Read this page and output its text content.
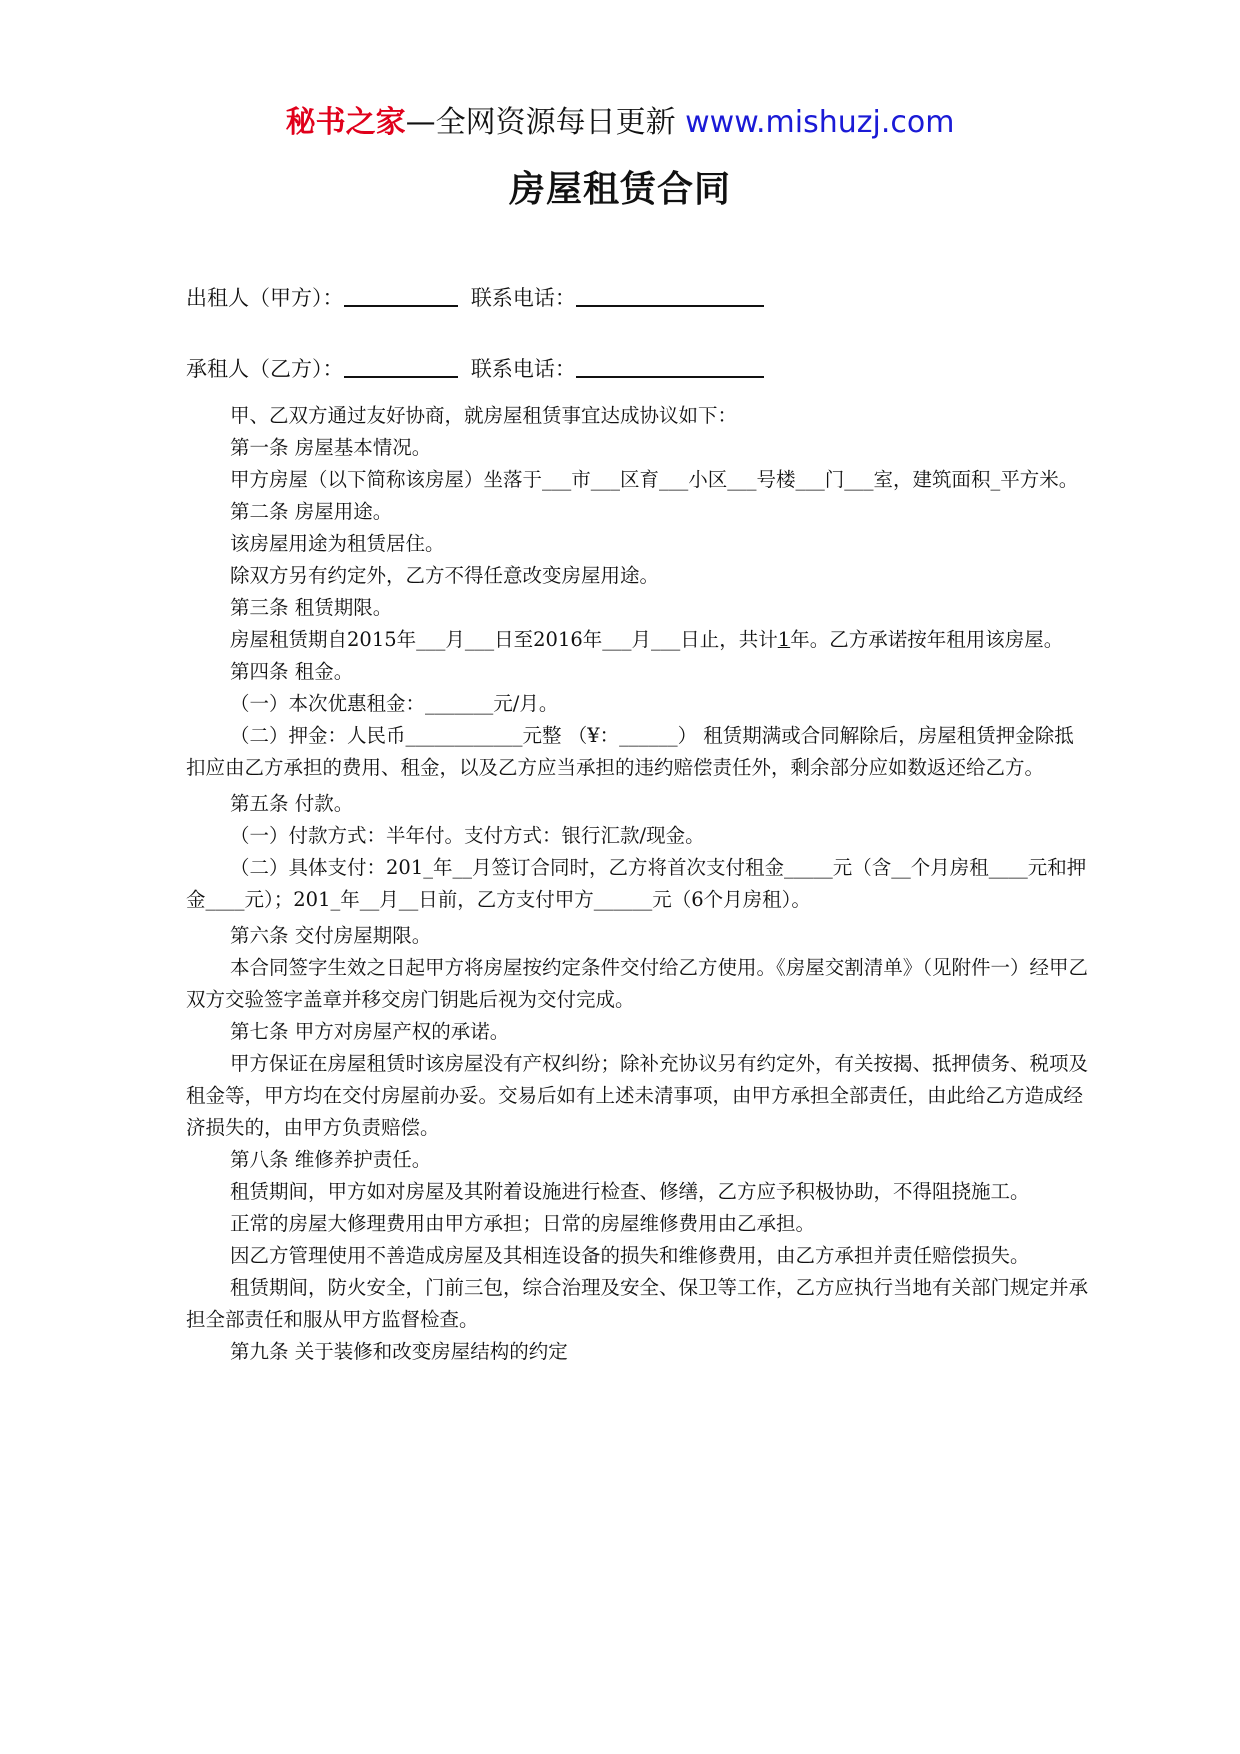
秘书之家—全网资源每日更新 www.mishuzj.com
房屋租赁合同
出租人（甲方）：	联系电话：
承租人（乙方）：	联系电话：

甲、乙双方通过友好协商，就房屋租赁事宜达成协议如下：

第一条 房屋基本情况。

甲方房屋（以下简称该房屋）坐落于___市___区育___小区___号楼___门___室，建筑面积_平方米。

第二条 房屋用途。

该房屋用途为租赁居住。

除双方另有约定外，乙方不得任意改变房屋用途。

第三条 租赁期限。

房屋租赁期自2015年___月___日至2016年___月___日止，共计1年。乙方承诺按年租用该房屋。

第四条 租金。

（一）本次优惠租金：_______元/月。

（二）押金：人民币____________元整 （¥：______） 租赁期满或合同解除后，房屋租赁押金除抵扣应由乙方承担的费用、租金，以及乙方应当承担的违约赔偿责任外，剩余部分应如数返还给乙方。

第五条 付款。

（一）付款方式：半年付。支付方式：银行汇款/现金。

（二）具体支付：201_年__月签订合同时，乙方将首次支付租金_____元（含__个月房租____元和押金____元）；201_年__月__日前，乙方支付甲方______元（6个月房租）。

第六条 交付房屋期限。

本合同签字生效之日起甲方将房屋按约定条件交付给乙方使用。《房屋交割清单》（见附件一）经甲乙双方交验签字盖章并移交房门钥匙后视为交付完成。

第七条 甲方对房屋产权的承诺。

甲方保证在房屋租赁时该房屋没有产权纠纷；除补充协议另有约定外，有关按揭、抵押债务、税项及租金等，甲方均在交付房屋前办妥。交易后如有上述未清事项，由甲方承担全部责任，由此给乙方造成经济损失的，由甲方负责赔偿。

第八条 维修养护责任。

租赁期间，甲方如对房屋及其附着设施进行检查、修缮，乙方应予积极协助，不得阻挠施工。

正常的房屋大修理费用由甲方承担；日常的房屋维修费用由乙承担。

因乙方管理使用不善造成房屋及其相连设备的损失和维修费用，由乙方承担并责任赔偿损失。

租赁期间，防火安全，门前三包，综合治理及安全、保卫等工作，乙方应执行当地有关部门规定并承担全部责任和服从甲方监督检查。

第九条 关于装修和改变房屋结构的约定
